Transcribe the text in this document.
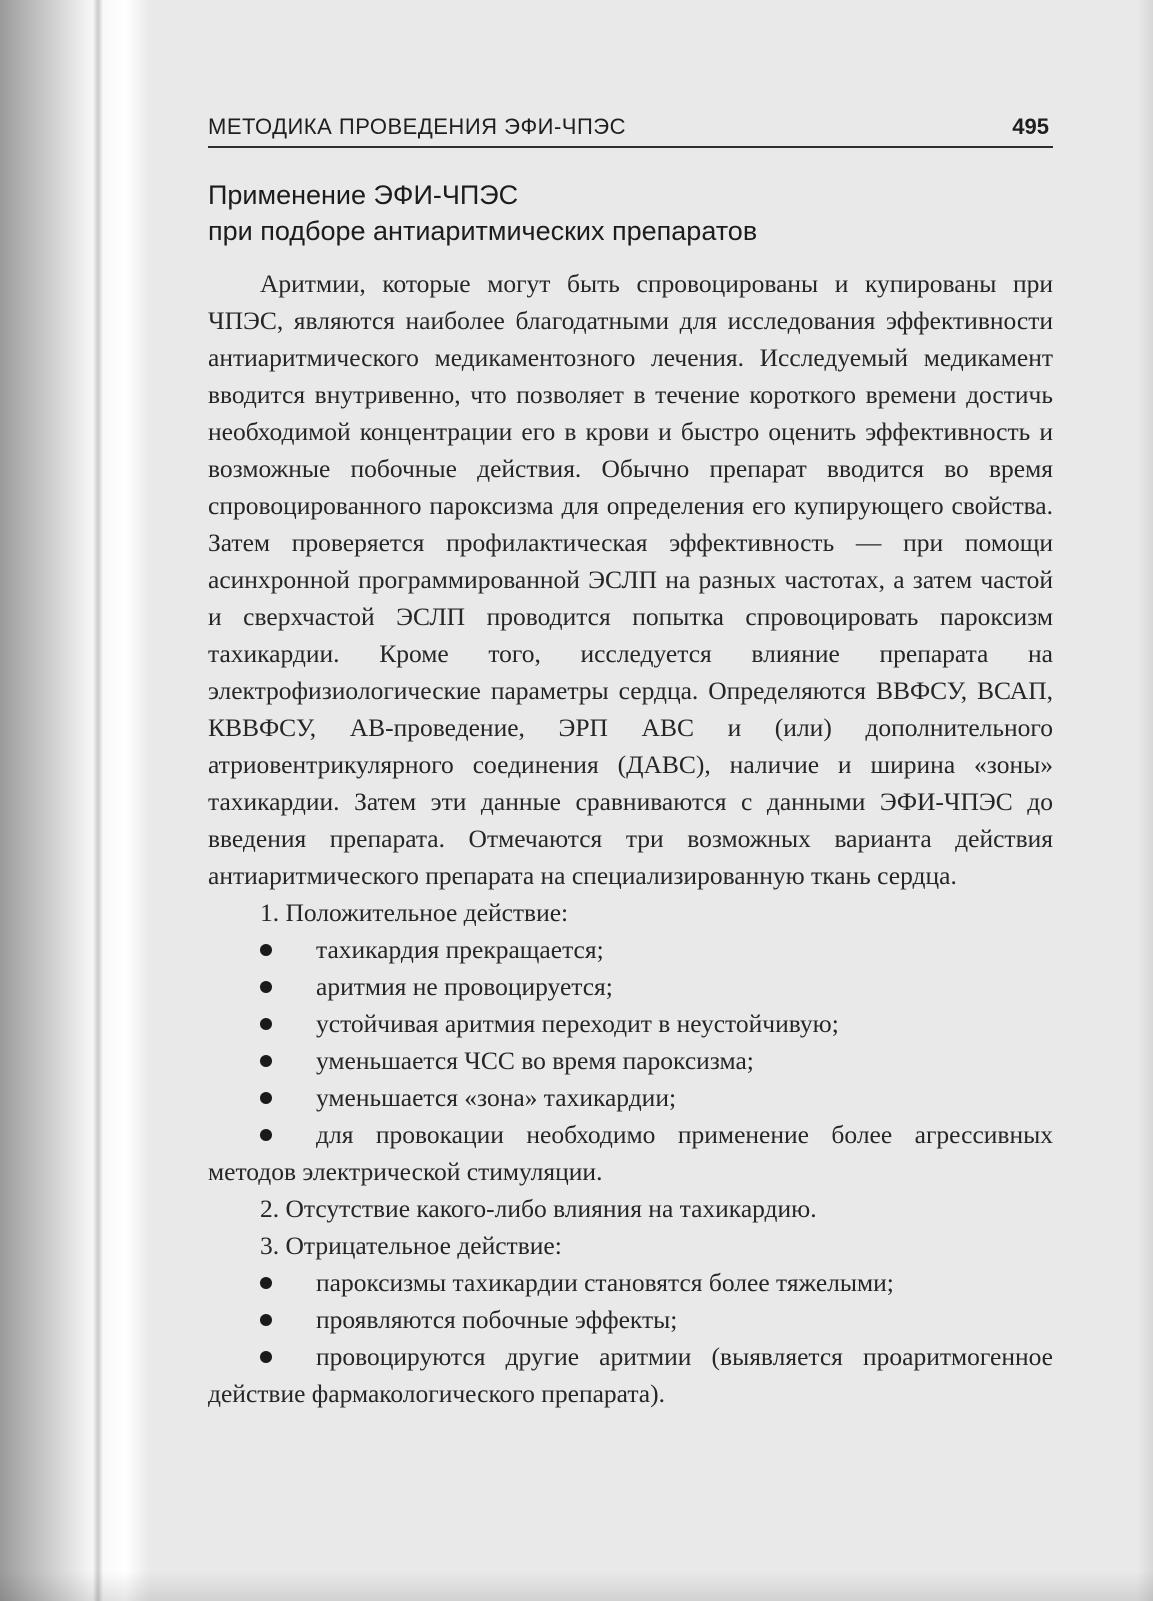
МЕТОДИКА ПРОВЕДЕНИЯ ЭФИ-ЧПЭС	495
Применение ЭФИ-ЧПЭС
при подборе антиаритмических препаратов

Аритмии, которые могут быть спровоцированы и купированы при ЧПЭС, являются наиболее благодатными для исследования эффективности антиаритмического медикаментозного лечения. Исследуемый медикамент вводится внутривенно, что позволяет в течение короткого времени достичь необходимой концентрации его в крови и быстро оценить эффективность и возможные побочные действия. Обычно препарат вводится во время спровоцированного пароксизма для определения его купирующего свойства. Затем проверяется профилактическая эффективность — при помощи асинхронной программированной ЭСЛП на разных частотах, а затем частой и сверхчастой ЭСЛП проводится попытка спровоцировать пароксизм тахикардии. Кроме того, исследуется влияние препарата на электрофизиологические параметры сердца. Определяются ВВФСУ, ВСАП, КВВФСУ, АВ-проведение, ЭРП АВС и (или) дополнительного атриовентрикулярного соединения (ДАВС), наличие и ширина «зоны» тахикардии. Затем эти данные сравниваются с данными ЭФИ-ЧПЭС до введения препарата. Отмечаются три возможных варианта действия антиаритмического препарата на специализированную ткань сердца.

1. Положительное действие:

тахикардия прекращается;
аритмия не провоцируется;
устойчивая аритмия переходит в неустойчивую;
уменьшается ЧСС во время пароксизма;
уменьшается «зона» тахикардии;

для провокации необходимо применение более агрессивных методов электрической стимуляции.

2. Отсутствие какого-либо влияния на тахикардию.

3. Отрицательное действие:

пароксизмы тахикардии становятся более тяжелыми;
проявляются побочные эффекты;

провоцируются другие аритмии (выявляется проаритмогенное действие фармакологического препарата).
